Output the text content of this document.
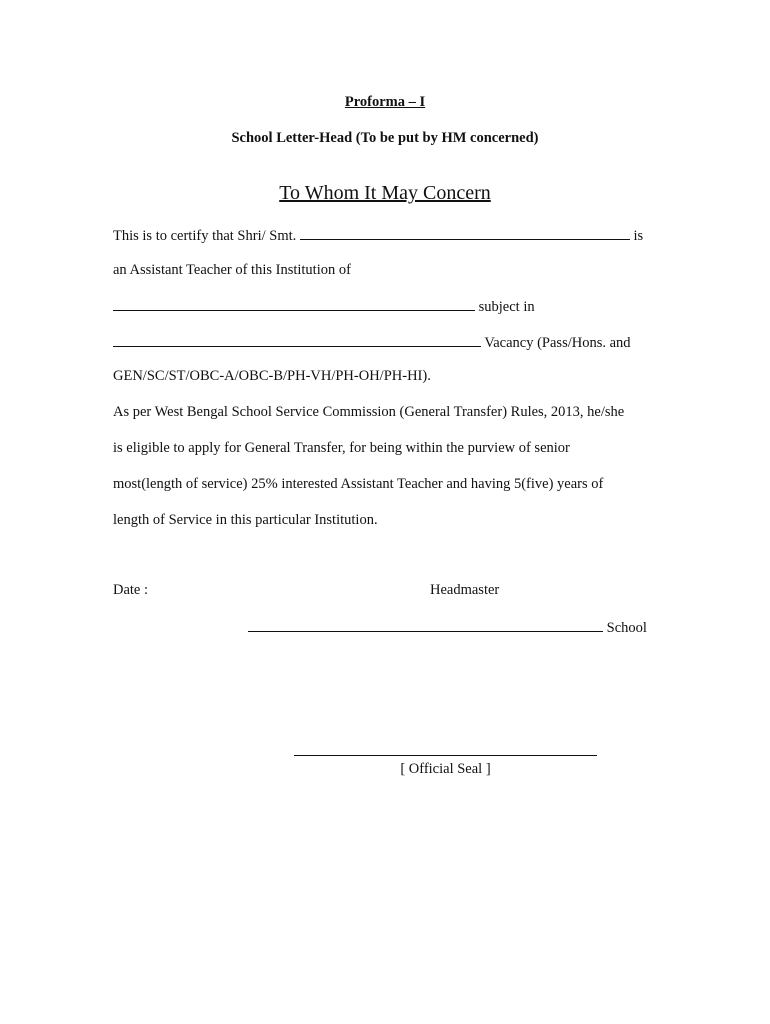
Proforma – I
School Letter-Head (To be put by HM concerned)
To Whom It May Concern
This is to certify that Shri/ Smt.	is
an Assistant Teacher of this Institution of
subject in
Vacancy (Pass/Hons. and
GEN/SC/ST/OBC-A/OBC-B/PH-VH/PH-OH/PH-HI).
As per West Bengal School Service Commission (General Transfer) Rules, 2013, he/she
is eligible to apply for General Transfer, for being within the purview of senior
most(length of service) 25% interested Assistant Teacher and having 5(five) years of
length of Service in this particular Institution.
Date :	Headmaster
School
[ Official Seal ]
